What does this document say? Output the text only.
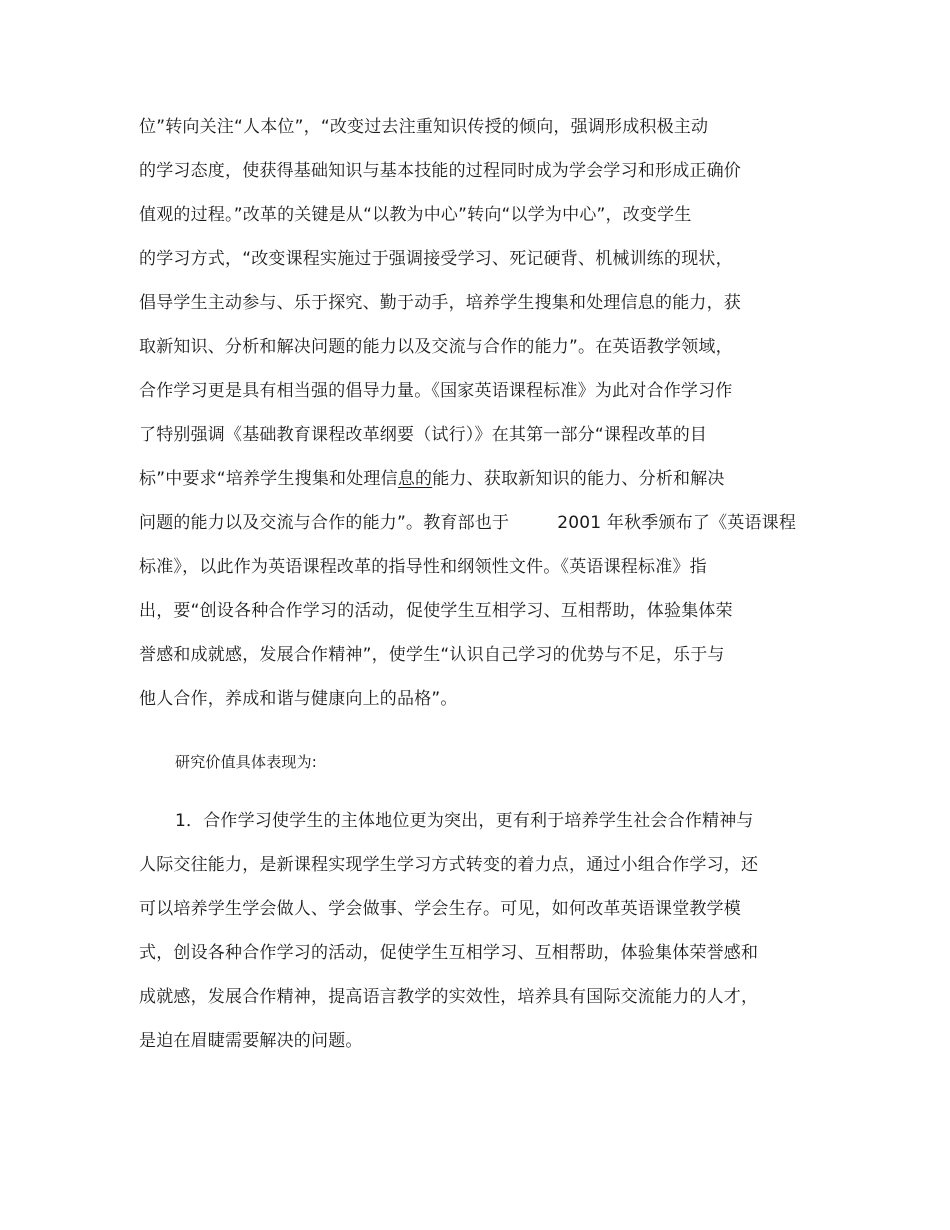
位”转向关注“人本位”，“改变过去注重知识传授的倾向，强调形成积极主动
的学习态度，使获得基础知识与基本技能的过程同时成为学会学习和形成正确价
值观的过程。”改革的关键是从“以教为中心”转向“以学为中心”，改变学生
的学习方式，“改变课程实施过于强调接受学习、死记硬背、机械训练的现状，
倡导学生主动参与、乐于探究、勤于动手，培养学生搜集和处理信息的能力，获
取新知识、分析和解决问题的能力以及交流与合作的能力”。在英语教学领域，
合作学习更是具有相当强的倡导力量。《国家英语课程标准》为此对合作学习作
了特别强调《基础教育课程改革纲要（试行）》在其第一部分“课程改革的目
标”中要求“培养学生搜集和处理信息的能力、获取新知识的能力、分析和解决
问题的能力以及交流与合作的能力”。教育部也于	2001 年秋季颁布了《英语课程
标准》，以此作为英语课程改革的指导性和纲领性文件。《英语课程标准》指
出，要“创设各种合作学习的活动，促使学生互相学习、互相帮助，体验集体荣
誉感和成就感，发展合作精神”，使学生“认识自己学习的优势与不足，乐于与
他人合作，养成和谐与健康向上的品格”。
研究价值具体表现为:
1．合作学习使学生的主体地位更为突出，更有利于培养学生社会合作精神与
人际交往能力，是新课程实现学生学习方式转变的着力点，通过小组合作学习，还
可以培养学生学会做人、学会做事、学会生存。可见，如何改革英语课堂教学模
式，创设各种合作学习的活动，促使学生互相学习、互相帮助，体验集体荣誉感和
成就感，发展合作精神，提高语言教学的实效性，培养具有国际交流能力的人才，
是迫在眉睫需要解决的问题。
